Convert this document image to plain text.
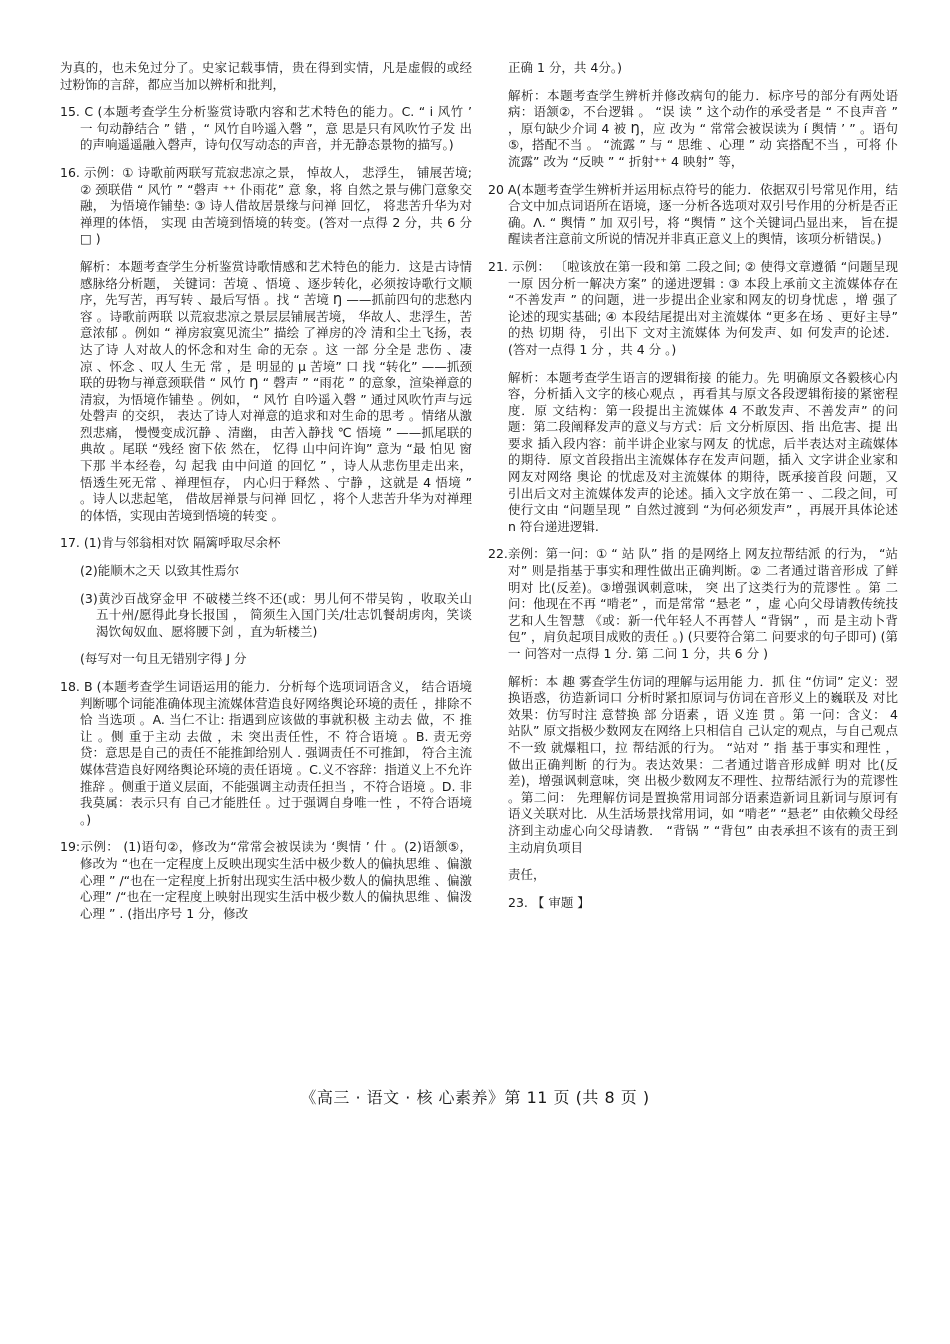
为真的，也未免过分了。史家记载事情，贵在得到实情，凡是虚假的或经过粉饰的言辞，都应当加以辨析和批判，

15. C (本题考查学生分析鉴赏诗歌内容和艺术特色的能力。C. “ i 风竹 ’ 一 句动静结合 ” 错 ，“ 风竹自吟遥入磬 ”，意 思是只有风吹竹子发 出的声响遥遥融入磬声，诗句仅写动态的声音，并无静态景物的描写。)

16. 示例：① 诗歌前两联写荒寂悲凉之景， 悼故人， 悲浮生， 铺展苦境; ② 颈联借 “ 风竹 ” “磬声 ⁺⁺ 仆雨花” 意 象，将 自然之景与佛门意象交融， 为悟境作铺垫: ③ 诗人借故居景缘与问禅 回忆， 将悲苦升华为对禅理的体悟， 实现 由苦境到悟境的转变。(答对一点得 2 分，共 6 分 □ )

解析：本题考查学生分析鉴赏诗歌情感和艺术特色的能力．这是古诗情感脉络分析题， 关键词：苦境 、悟境 、逐步转化，必须按诗歌行文顺序，先写苦，再写转 、最后写悟 。找 “ 苦境 Ŋ ——抓前四句的悲愁内容 。诗歌前两联 以荒寂悲凉之景层层铺展苦境， 华故人、悲浮生，苦意浓郁 。例如 “ 禅房寂寞见流尘” 描绘 了禅房的冷 清和尘土飞扬，表 达了诗 人对故人的怀念和对生 命的无奈 。这 一部 分全是 悲伤 、凄 凉 、怀念 、叹人 生无 常 ，是 明显的 μ 苦境” 口 找 “转化” ——抓颈联的毋物与禅意颈联借 “ 风竹 Ŋ “ 磬声 ” “雨花 ” 的意象，渲染禅意的清寂，为悟境作铺垫 。例如， “ 风竹 自吟遥入磬 ” 通过风吹竹声与远处磬声 的交织， 表达了诗人对禅意的追求和对生命的思考 。情绪从激烈悲痛， 慢慢变成沉静 、清幽， 由苦入静找 ℃ 悟境 ” ——抓尾联的典故 。尾联 “残经 窗下依 然在， 忆得 山中问许询” 意为 “最 怕见 窗下那 半本经卷，勾 起我 由中问道 的回忆 ” ，诗人从悲伤里走出来，悟透生死无常 、禅理恒存， 内心归于释然 、宁静 ，这就是 4 悟境 ” 。诗人以悲起笔， 借故居禅景与问禅 回忆 ，将个人悲苦升华为对禅理的体悟，实现由苦境到悟境的转变 。

17. (1)肯与邻翁相对饮 隔篱呼取尽余杯

(2)能顺木之天 以致其性焉尔

(3)黄沙百战穿金甲 不破楼兰终不还(或：男儿何不带吴钩 ，收取关山五十州/愿得此身长报国 ， 简须生入国门关/壮志饥餐胡虏肉，笑谈渴饮匈奴血、愿将腰下剑 ，直为斩楼兰)

(每写对一句且无错别字得 J 分

18. B (本题考查学生词语运用的能力．分析每个选项词语含义， 结合语境 判断哪个词能准确体现主流媒体营造良好网络舆论环境的责任 ，排除不恰 当选项 。A. 当仁不让: 指遇到应该做的事就积极 主动去 做，不 推让 。侧 重于主动 去做 ，未 突出责任性，不 符合语境 。B. 责无旁贷：意思是自己的责任不能推卸给别人 . 强调责任不可推卸， 符合主流媒体营造良好网络舆论环境的责任语境 。C.义不容辞：指道义上不允许推辞 。侧重于道义层面，不能强调主动责任担当 ，不符合语境 。D. 非我莫属：表示只有 自己才能胜任 。过于强调自身唯一性 ，不符合语境 。)

19:示例： (1)语句②，修改为“常常会被误读为 ‘舆情 ’ 什 。(2)语颔⑤，修改为 “也在一定程度上反映出现实生活中极少数人的偏执思维 、偏激心理 ” /“也在一定程度上折射出现实生活中极少数人的偏执思维 、偏激心理” /“也在一定程度上映射出现实生活中极少数人的偏执思维 、偏泼心理 ” . (指出序号 1 分，修改

正确 1 分，共 4分。)

解析：本题考查学生辨析并修改病句的能力．标序号的部分有两处语病：语颔②，不台逻辑 。 “误 读 ” 这个动作的承受者是 “ 不良声音 ” ，原句缺少介词 4 被 Ŋ，应 改为 “ 常常会被误读为 í 舆情 ’ ” 。语句⑤，搭配不当 。 “流露 ” 与 “ 思维 、心理 ” 动 宾搭配不当 ，可将 仆流露” 改为 “反映 ” “ 折射⁺⁺ 4 映射” 等，

20 A(本题考查学生辨析并运用标点符号的能力．依据双引号常见作用，结合文中加点词语所在语境，逐一分析各选项对双引号作用的分析是否正确。Λ. “ 舆情 ” 加 双引号，将 “舆情 ” 这个关键词凸显出来， 旨在提醒读者注意前文所说的情况并非真正意义上的舆情，该项分析错误。)

21. 示例： 〔啦该放在第一段和第 二段之间; ② 使得文章遵循 “问题呈现一原 因分析一解决方案” 的递进逻辑 : ③ 本段上承前文主流媒体存在 “不善发声 ” 的问题，进一步提出企业家和网友的切身忧虑 ，增 强了论述的现实基础; ④ 本段结尾提出对主流媒体 “更多在场 、更好主导” 的热 切期 待， 引出下 文对主流媒体 为何发声、如 何发声的论述．(答对一点得 1 分 ，共 4 分 。)

解析：本题考查学生语言的逻辑衔接 的能力。先 明确原文各毅核心内容，分析插入文字的核心观点 ，再看其与原文各段逻辑衔接的紧密程度．原 文结构：第一段提出主流媒体 4 不敢发声、不善发声” 的问题：第二段阐释发声的意义与方式：后 文分析原因、指 出危害、提 出要求 插入段内容：前半讲企业家与网友 的忧虑，后半表达对主疏媒体的期待．原文首段指出主流媒体存在发声问题，插入 文字讲企业家和 网友对网络 奥论 的忧虑及对主流媒体 的期待，既承接首段 问题，又 引出后文对主流媒体发声的论述。插入文字放在第一 、二段之间，可使行文由 “问题呈现 ” 自然过渡到 “为何必须发声” ，再展开具体论述 n 符台递进逻辑.

22.亲例：第一问：① “ 站 队” 指 的是网络上 网友拉帮结派 的行为， “站对” 则是指基于事实和理性做出正确判断。② 二者通过谐音形成 了鲜 明对 比(反差)。③增强讽刺意味， 突 出了这类行为的荒谬性 。第 二问：他现在不再 “啃老” ，而是常常 “悬老 ” ，虚 心向父母请教传统技艺和人生智慧 《或：新一代年轻人不再替人 “背锅” ，而 是主动卜背包” ，肩负起项目成败的责任 。) (只要符合第二 问要求的句子即可) (第一 问答对一点得 1 分. 第 二问 1 分，共 6 分 )

解析：本 趣 雾查学生仿词的理解与运用能 力．抓 住 “仿词” 定义：翌换语惑，彷造新词口 分析时紧扣原词与仿词在音形义上的巍联及 对比效果：仿写时注 意替换 部 分语素 ，语 义连 贯 。第 一问：含义： 4 站队” 原文指极少数网友在网络上只相信自 己认定的观点，与自己观点不一致 就爆粗口，拉 帮结派的行为。 “站对 ” 指 基于事实和理性 ，做出正确判断 的行为。表达效果：二者通过谐音形成鲜 明对 比(反差)，增强讽刺意味，突 出极少数网友不理性、拉帮结派行为的荒谬性 。第二问： 先理解仿词是置换常用词部分语素造新词且新词与原诃有语义关联对比．从生活场景找常用词，如 “啃老” “悬老” 由依赖父母经济到主动虚心向父母请教． “背锅 ” “背包” 由表承担不该有的责王到主动肩负项目

责任，

23. 【 审题 】

《高三 · 语文 · 核 心素养》第 11 页 (共 8 页 )
